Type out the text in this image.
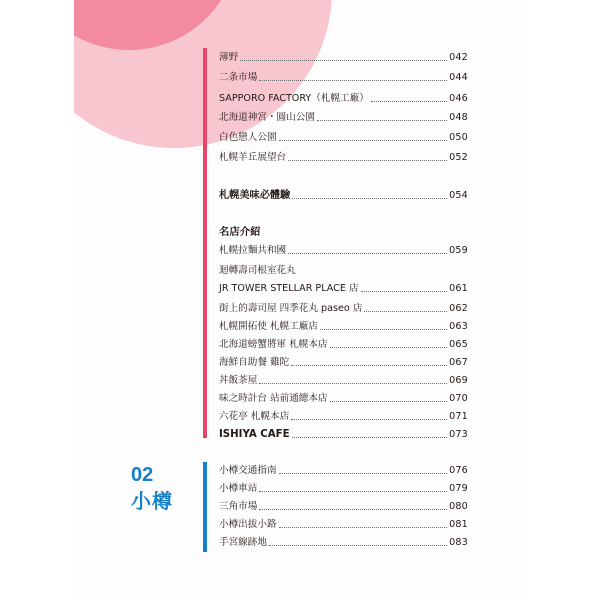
薄野	042
二条市場	044
SAPPORO FACTORY（札幌工廠）	046
北海道神宮・圓山公園	048
白色戀人公園	050
札幌羊丘展望台	052
札幌美味必體驗	054
名店介紹
札幌拉麵共和國	059
迴轉壽司根室花丸
JR TOWER STELLAR PLACE 店	061
街上的壽司屋 四季花丸 paseo 店	062
札幌開拓使 札幌工廠店	063
北海道螃蟹將軍 札幌本店	065
海鮮自助餐 雞陀	067
丼飯茶屋	069
味之時計台 站前通總本店	070
六花亭 札幌本店	071
ISHIYA CAFE	073
02
小樽
小樽交通指南	076
小樽車站	079
三角市場	080
小樽出拔小路	081
手宮線跡地	083
